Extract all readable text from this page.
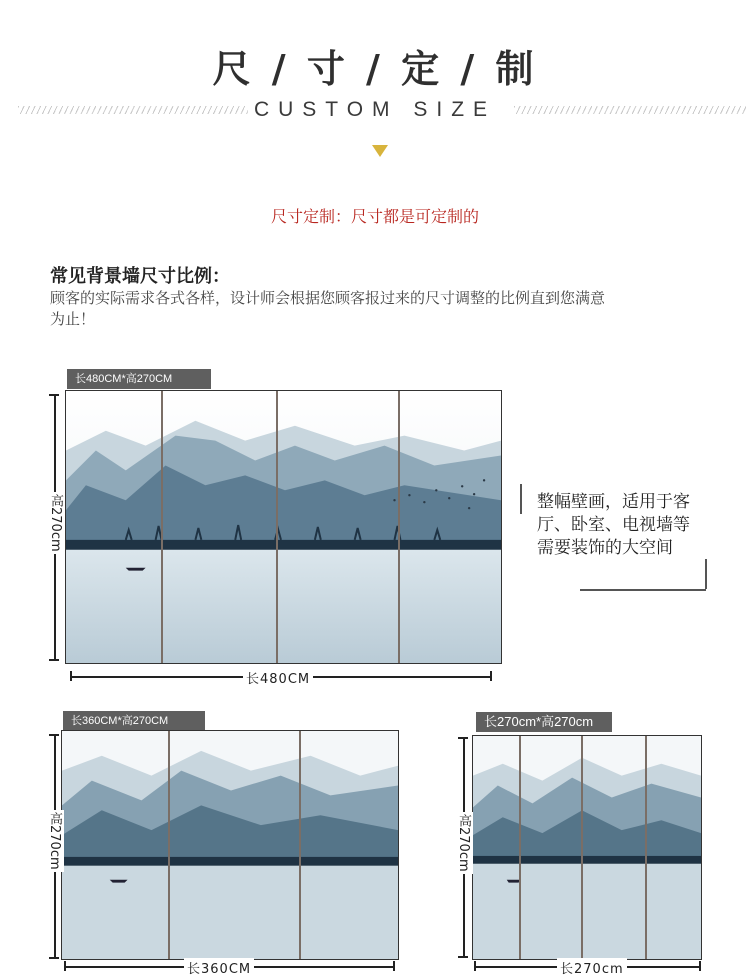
尺 / 寸 / 定 / 制
CUSTOM SIZE
尺寸定制：尺寸都是可定制的
常见背景墙尺寸比例：
顾客的实际需求各式各样，设计师会根据您顾客报过来的尺寸调整的比例直到您满意为止！
长480CM*高270CM
高270cm
长480CM
整幅壁画，适用于客厅、卧室、电视墙等需要装饰的大空间
长360CM*高270CM
高270cm
长360CM
长270cm*高270cm
高270cm
长270cm
